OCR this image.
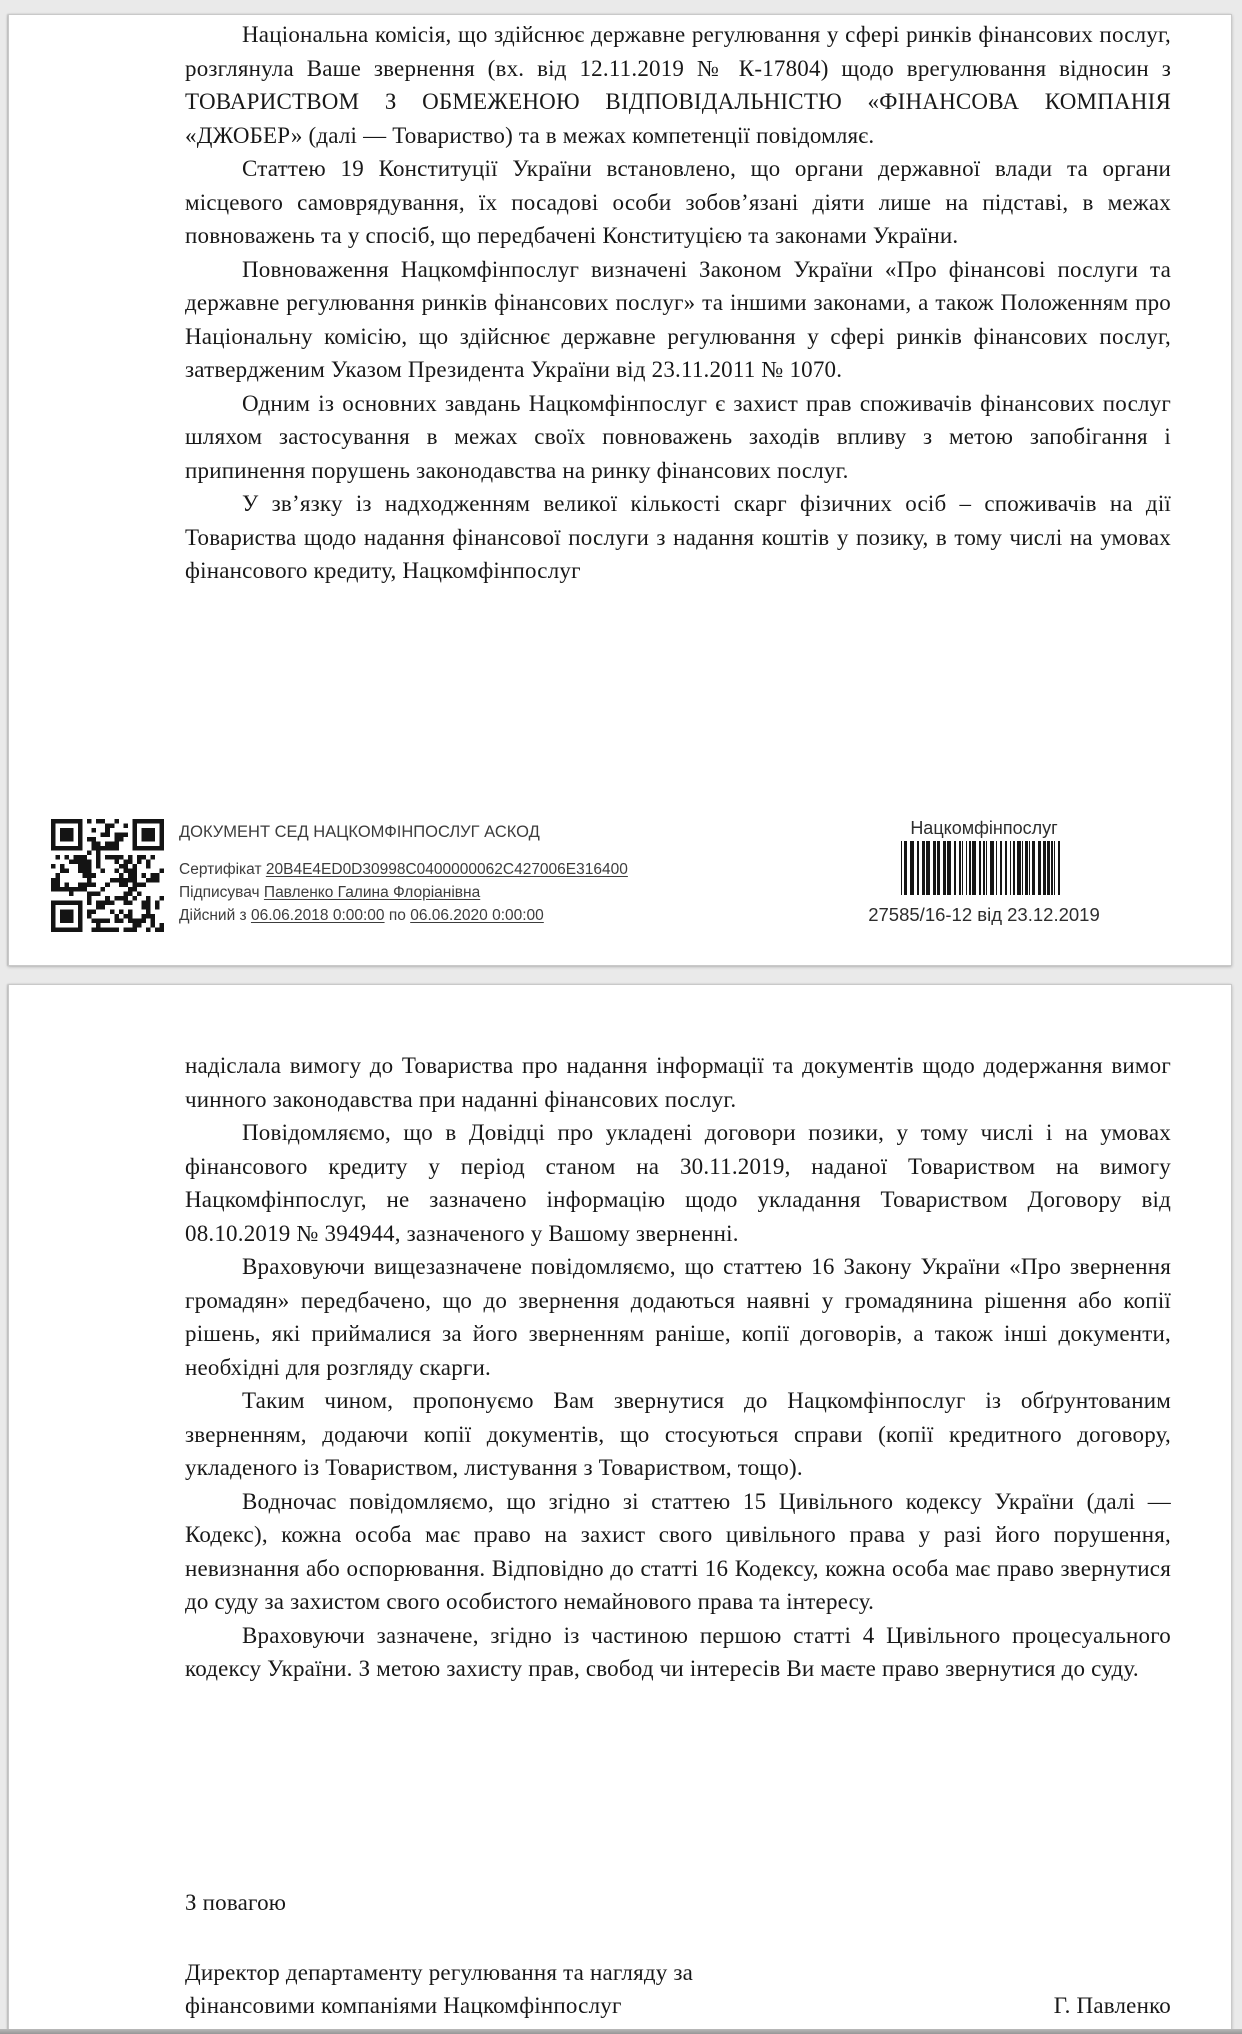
Національна комісія, що здійснює державне регулювання у сфері ринків фінансових послуг, розглянула Ваше звернення (вх. від 12.11.2019 № К-17804) щодо врегулювання відносин з ТОВАРИСТВОМ З ОБМЕЖЕНОЮ ВІДПОВІДАЛЬНІСТЮ «ФІНАНСОВА КОМПАНІЯ «ДЖОБЕР» (далі — Товариство) та в межах компетенції повідомляє.

Статтею 19 Конституції України встановлено, що органи державної влади та органи місцевого самоврядування, їх посадові особи зобов’язані діяти лише на підставі, в межах повноважень та у спосіб, що передбачені Конституцією та законами України.

Повноваження Нацкомфінпослуг визначені Законом України «Про фінансові послуги та державне регулювання ринків фінансових послуг» та іншими законами, а також Положенням про Національну комісію, що здійснює державне регулювання у сфері ринків фінансових послуг, затвердженим Указом Президента України від 23.11.2011 № 1070.

Одним із основних завдань Нацкомфінпослуг є захист прав споживачів фінансових послуг шляхом застосування в межах своїх повноважень заходів впливу з метою запобігання і припинення порушень законодавства на ринку фінансових послуг.

У зв’язку із надходженням великої кількості скарг фізичних осіб – споживачів на дії Товариства щодо надання фінансової послуги з надання коштів у позику, в тому числі на умовах фінансового кредиту, Нацкомфінпослуг

ДОКУМЕНТ СЕД НАЦКОМФІНПОСЛУГ АСКОД
Сертифікат 20B4E4ED0D30998C0400000062C427006E316400
Підписувач Павленко Галина Флоріанівна
Дійсний з 06.06.2018 0:00:00 по 06.06.2020 0:00:00
Нацкомфінпослуг
27585/16-12 від 23.12.2019

надіслала вимогу до Товариства про надання інформації та документів щодо додержання вимог чинного законодавства при наданні фінансових послуг.

Повідомляємо, що в Довідці про укладені договори позики, у тому числі і на умовах фінансового кредиту у період станом на 30.11.2019, наданої Товариством на вимогу Нацкомфінпослуг, не зазначено інформацію щодо укладання Товариством Договору від 08.10.2019 № 394944, зазначеного у Вашому зверненні.

Враховуючи вищезазначене повідомляємо, що статтею 16 Закону України «Про звернення громадян» передбачено, що до звернення додаються наявні у громадянина рішення або копії рішень, які приймалися за його зверненням раніше, копії договорів, а також інші документи, необхідні для розгляду скарги.

Таким чином, пропонуємо Вам звернутися до Нацкомфінпослуг із обґрунтованим зверненням, додаючи копії документів, що стосуються справи (копії кредитного договору, укладеного із Товариством, листування з Товариством, тощо).

Водночас повідомляємо, що згідно зі статтею 15 Цивільного кодексу України (далі — Кодекс), кожна особа має право на захист свого цивільного права у разі його порушення, невизнання або оспорювання. Відповідно до статті 16 Кодексу, кожна особа має право звернутися до суду за захистом свого особистого немайнового права та інтересу.

Враховуючи зазначене, згідно із частиною першою статті 4 Цивільного процесуального кодексу України. З метою захисту прав, свобод чи інтересів Ви маєте право звернутися до суду.

З повагою
Директор департаменту регулювання та нагляду за
фінансовими компаніями Нацкомфінпослуг	Г. Павленко
